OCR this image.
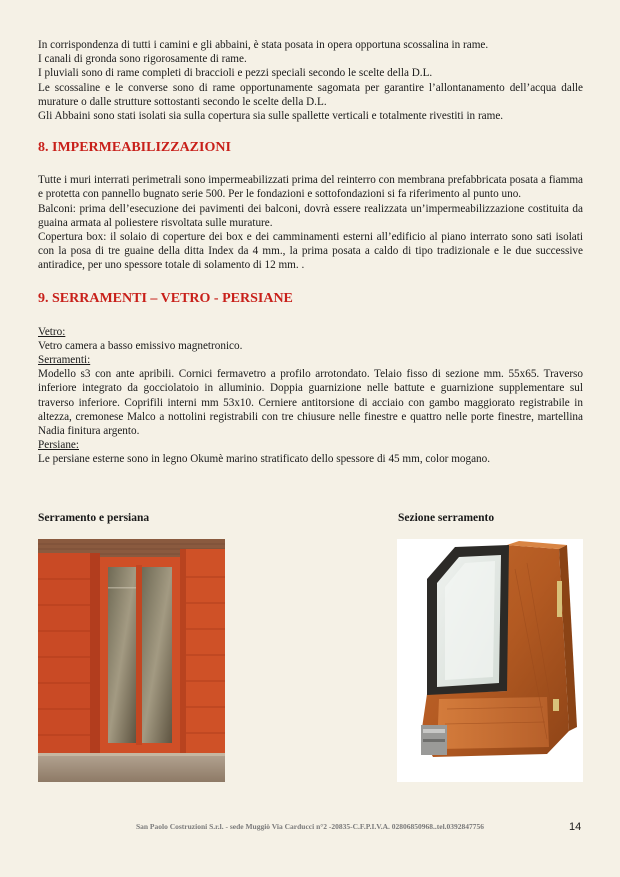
In corrispondenza di tutti i camini e gli abbaini, è stata posata in opera opportuna scossalina in rame.

I canali di gronda sono rigorosamente di rame.

I pluviali sono di rame completi di braccioli e pezzi speciali secondo le scelte della D.L.

Le scossaline e le converse sono di rame opportunamente sagomata per garantire l’allontanamento dell’acqua dalle murature o dalle strutture sottostanti secondo le scelte della D.L.

Gli Abbaini sono stati isolati sia sulla copertura sia sulle spallette verticali e totalmente rivestiti in rame.

8. IMPERMEABILIZZAZIONI

Tutte i muri interrati perimetrali sono impermeabilizzati prima del reinterro con membrana prefabbricata posata a fiamma e protetta con pannello bugnato serie 500. Per le fondazioni e sottofondazioni si fa riferimento al punto uno.

Balconi: prima dell’esecuzione dei pavimenti dei balconi, dovrà essere realizzata un’impermeabilizzazione costituita da guaina armata al poliestere risvoltata sulle murature.

Copertura box: il solaio di coperture dei box e dei camminamenti esterni all’edificio al piano interrato sono sati isolati con la posa di tre guaine della ditta Index da 4 mm., la prima posata a caldo di tipo tradizionale e le due successive antiradice, per uno spessore totale di solamento di 12 mm. .

9. SERRAMENTI – VETRO - PERSIANE

Vetro:

Vetro camera a basso emissivo magnetronico.

Serramenti:

Modello s3 con ante apribili. Cornici fermavetro a profilo arrotondato. Telaio fisso di sezione mm. 55x65. Traverso inferiore integrato da gocciolatoio in alluminio. Doppia guarnizione nelle battute e guarnizione supplementare sul traverso inferiore. Coprifili interni mm 53x10. Cerniere antitorsione di acciaio con gambo maggiorato registrabile in altezza, cremonese Malco a nottolini registrabili con tre chiusure nelle finestre e quattro nelle porte finestre, martellina Nadia finitura argento.

Persiane:

Le persiane esterne sono in legno Okumè marino stratificato dello spessore di 45 mm, color mogano.

Serramento e persiana	Sezione serramento
San Paolo Costruzioni S.r.l. - sede Muggiò Via Carducci n°2 -20835-C.F.P.I.V.A. 02806850968..tel.0392847756	14
